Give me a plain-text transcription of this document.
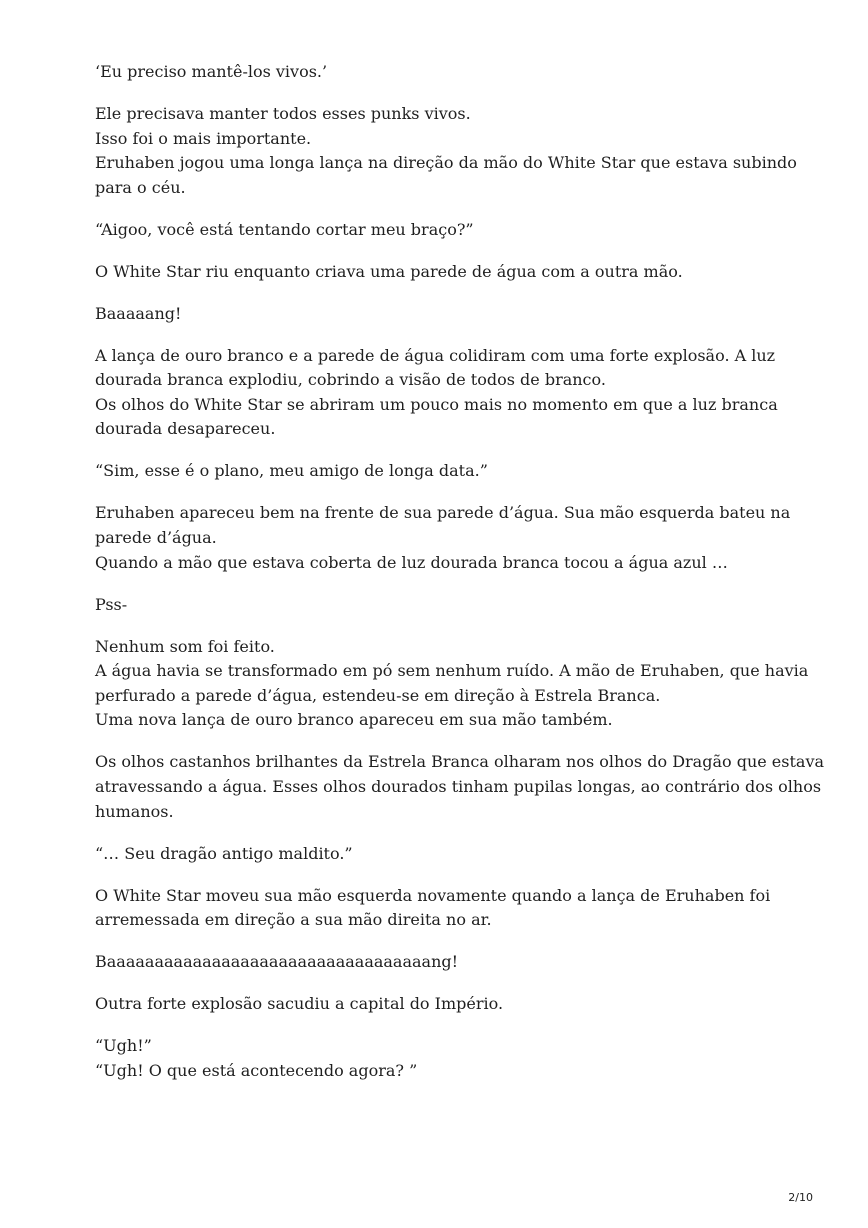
‘Eu preciso mantê-los vivos.’

Ele precisava manter todos esses punks vivos.
Isso foi o mais importante.
Eruhaben jogou uma longa lança na direção da mão do White Star que estava subindo
para o céu.

“Aigoo, você está tentando cortar meu braço?”

O White Star riu enquanto criava uma parede de água com a outra mão.

Baaaaang!

A lança de ouro branco e a parede de água colidiram com uma forte explosão. A luz
dourada branca explodiu, cobrindo a visão de todos de branco.
Os olhos do White Star se abriram um pouco mais no momento em que a luz branca
dourada desapareceu.

“Sim, esse é o plano, meu amigo de longa data.”

Eruhaben apareceu bem na frente de sua parede d’água. Sua mão esquerda bateu na
parede d’água.
Quando a mão que estava coberta de luz dourada branca tocou a água azul …

Pss-

Nenhum som foi feito.
A água havia se transformado em pó sem nenhum ruído. A mão de Eruhaben, que havia
perfurado a parede d’água, estendeu-se em direção à Estrela Branca.
Uma nova lança de ouro branco apareceu em sua mão também.

Os olhos castanhos brilhantes da Estrela Branca olharam nos olhos do Dragão que estava
atravessando a água. Esses olhos dourados tinham pupilas longas, ao contrário dos olhos
humanos.

“… Seu dragão antigo maldito.”

O White Star moveu sua mão esquerda novamente quando a lança de Eruhaben foi
arremessada em direção a sua mão direita no ar.

Baaaaaaaaaaaaaaaaaaaaaaaaaaaaaaaaaang!

Outra forte explosão sacudiu a capital do Império.

“Ugh!”
“Ugh! O que está acontecendo agora? ”

2/10
